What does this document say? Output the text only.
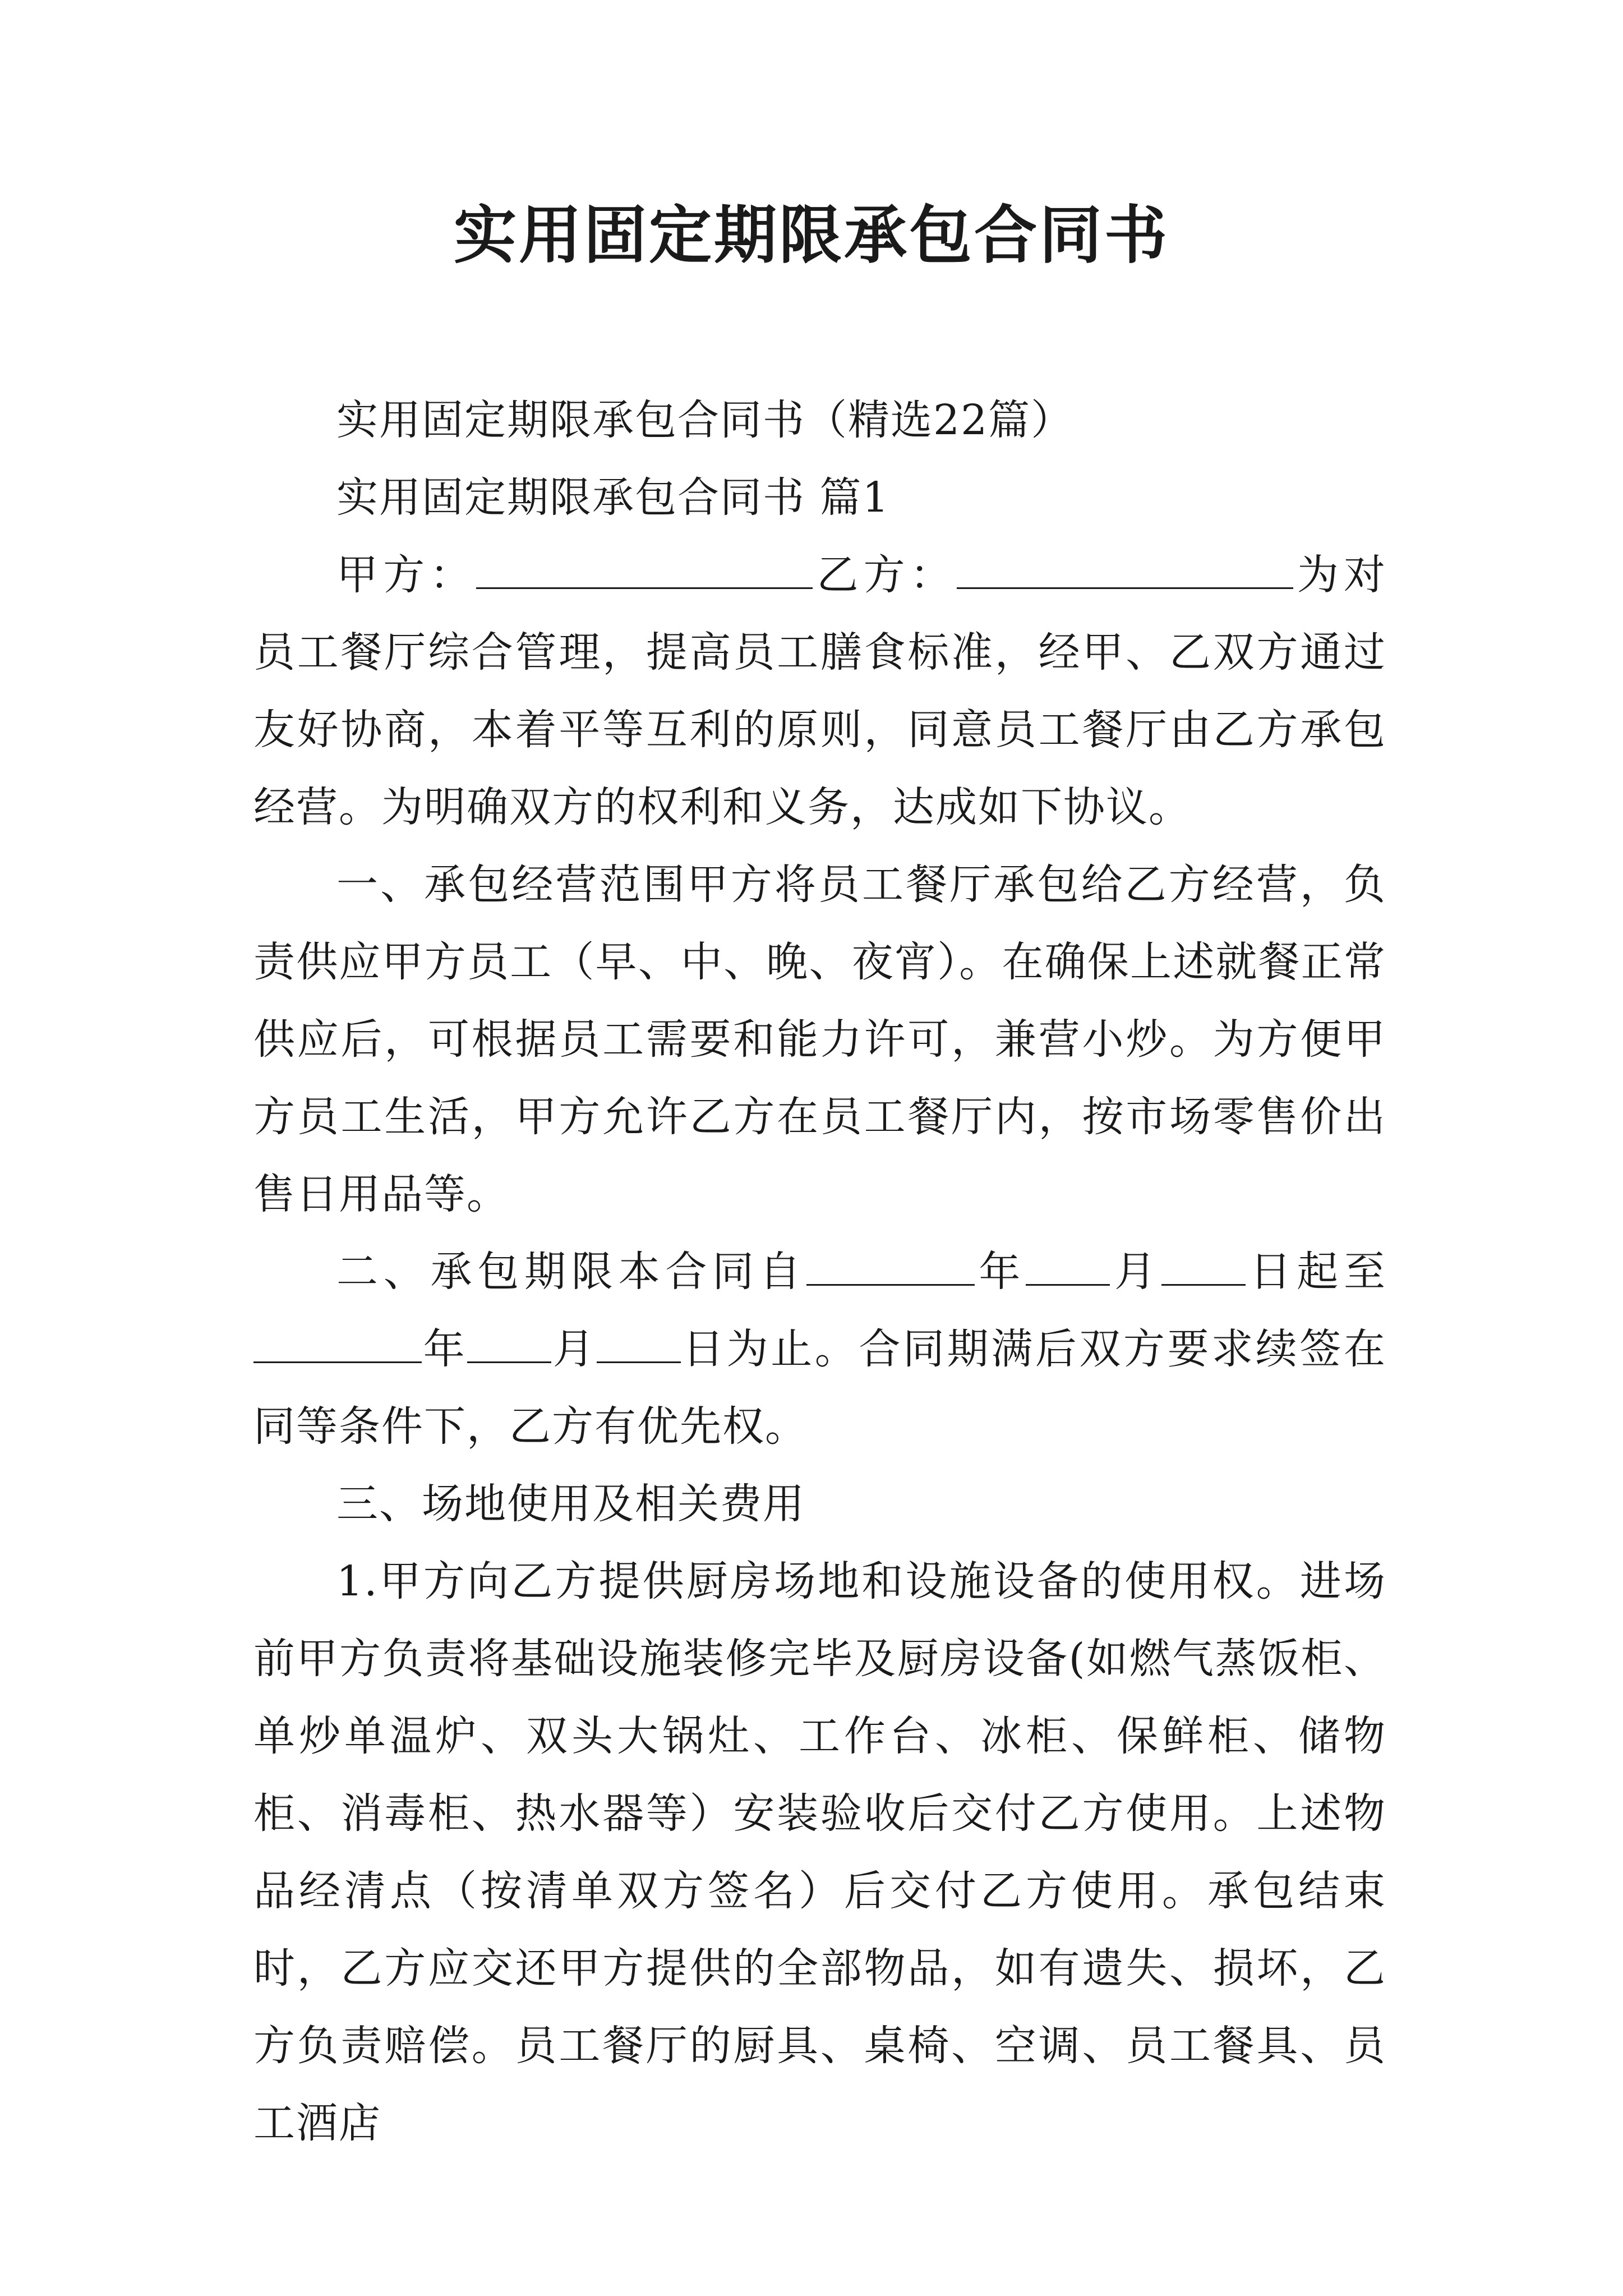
实用固定期限承包合同书

实用固定期限承包合同书（精选22篇）

实用固定期限承包合同书 篇1

甲方：	乙方：	为对员工餐厅综合管理，提高员工膳食标准，经甲、乙双方通过友好协商，本着平等互利的原则，同意员工餐厅由乙方承包经营。为明确双方的权利和义务，达成如下协议。

一、承包经营范围甲方将员工餐厅承包给乙方经营，负责供应甲方员工（早、中、晚、夜宵）。在确保上述就餐正常供应后，可根据员工需要和能力许可，兼营小炒。为方便甲方员工生活，甲方允许乙方在员工餐厅内，按市场零售价出售日用品等。

二、承包期限本合同自	年 月 日起至年 月 日为止。合同期满后双方要求续签在同等条件下，乙方有优先权。

三、场地使用及相关费用

1.甲方向乙方提供厨房场地和设施设备的使用权。进场前甲方负责将基础设施装修完毕及厨房设备(如燃气蒸饭柜、单炒单温炉、双头大锅灶、工作台、冰柜、保鲜柜、储物柜、消毒柜、热水器等）安装验收后交付乙方使用。上述物品经清点（按清单双方签名）后交付乙方使用。承包结束时，乙方应交还甲方提供的全部物品，如有遗失、损坏，乙方负责赔偿。员工餐厅的厨具、桌椅、空调、员工餐具、员工酒店
